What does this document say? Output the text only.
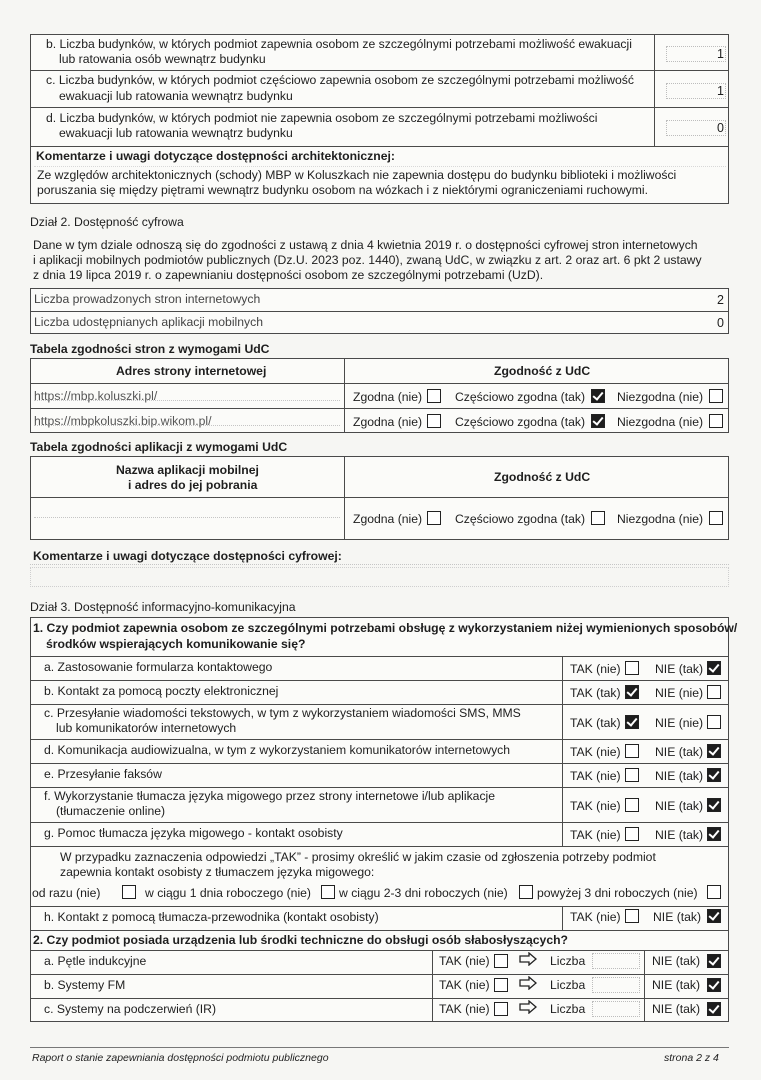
b. Liczba budynków, w których podmiot zapewnia osobom ze szczególnymi potrzebami możliwość ewakuacji
lub ratowania osób wewnątrz budynku	1
c. Liczba budynków, w których podmiot częściowo zapewnia osobom ze szczególnymi potrzebami możliwość
ewakuacji lub ratowania wewnątrz budynku	1
d. Liczba budynków, w których podmiot nie zapewnia osobom ze szczególnymi potrzebami możliwości
ewakuacji lub ratowania wewnątrz budynku	0
Komentarze i uwagi dotyczące dostępności architektonicznej:
Ze względów architektonicznych (schody) MBP w Koluszkach nie zapewnia dostępu do budynku biblioteki i możliwości
poruszania się między piętrami wewnątrz budynku osobom na wózkach i z niektórymi ograniczeniami ruchowymi.
Dział 2. Dostępność cyfrowa
Dane w tym dziale odnoszą się do zgodności z ustawą z dnia 4 kwietnia 2019 r. o dostępności cyfrowej stron internetowych
i aplikacji mobilnych podmiotów publicznych (Dz.U. 2023 poz. 1440), zwaną UdC, w związku z art. 2 oraz art. 6 pkt 2 ustawy
z dnia 19 lipca 2019 r. o zapewnianiu dostępności osobom ze szczególnymi potrzebami (UzD).
Liczba prowadzonych stron internetowych	2
Liczba udostępnianych aplikacji mobilnych	0
Tabela zgodności stron z wymogami UdC
Adres strony internetowej	Zgodność z UdC
https://mbp.koluszki.pl/	Zgodna (nie)	Częściowo zgodna (tak)	Niezgodna (nie)
https://mbpkoluszki.bip.wikom.pl/	Zgodna (nie)	Częściowo zgodna (tak)	Niezgodna (nie)
Tabela zgodności aplikacji z wymogami UdC
Nazwa aplikacji mobilnej
i adres do jej pobrania
Zgodność z UdC
Zgodna (nie)	Częściowo zgodna (tak)	Niezgodna (nie)
Komentarze i uwagi dotyczące dostępności cyfrowej:
Dział 3. Dostępność informacyjno-komunikacyjna
1. Czy podmiot zapewnia osobom ze szczególnymi potrzebami obsługę z wykorzystaniem niżej wymienionych sposobów/
środków wspierających komunikowanie się?
a. Zastosowanie formularza kontaktowego	TAK (nie)	NIE (tak)
b. Kontakt za pomocą poczty elektronicznej	TAK (tak)	NIE (nie)
c. Przesyłanie wiadomości tekstowych, w tym z wykorzystaniem wiadomości SMS, MMS
lub komunikatorów internetowych	TAK (tak)	NIE (nie)
d. Komunikacja audiowizualna, w tym z wykorzystaniem komunikatorów internetowych	TAK (nie)	NIE (tak)
e. Przesyłanie faksów	TAK (nie)	NIE (tak)
f. Wykorzystanie tłumacza języka migowego przez strony internetowe i/lub aplikacje
(tłumaczenie online)	TAK (nie)	NIE (tak)
g. Pomoc tłumacza języka migowego - kontakt osobisty	TAK (nie)	NIE (tak)
W przypadku zaznaczenia odpowiedzi „TAK” - prosimy określić w jakim czasie od zgłoszenia potrzeby podmiot
zapewnia kontakt osobisty z tłumaczem języka migowego:
od razu (nie)	w ciągu 1 dnia roboczego (nie) w ciągu 2-3 dni roboczych (nie) powyżej 3 dni roboczych (nie)
h. Kontakt z pomocą tłumacza-przewodnika (kontakt osobisty)	TAK (nie)	NIE (tak)
2. Czy podmiot posiada urządzenia lub środki techniczne do obsługi osób słabosłyszących?
a. Pętle indukcyjne	TAK (nie)	Liczba	NIE (tak)
b. Systemy FM	TAK (nie)	Liczba	NIE (tak)
c. Systemy na podczerwień (IR)	TAK (nie)	Liczba	NIE (tak)
Raport o stanie zapewniania dostępności podmiotu publicznego	strona 2 z 4
